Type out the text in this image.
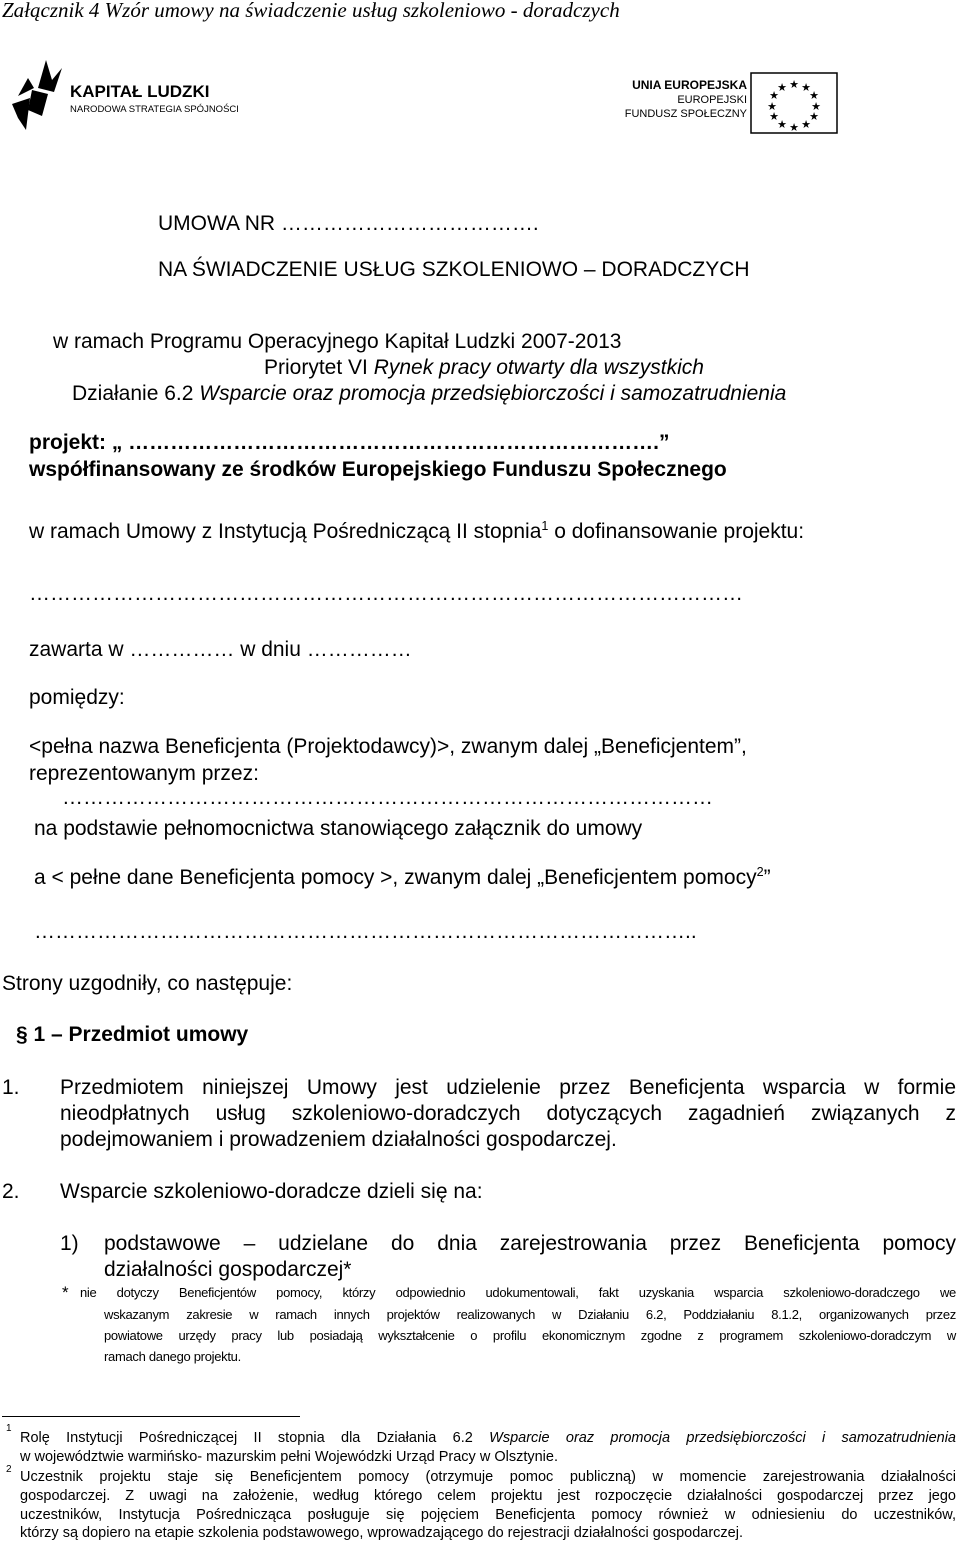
Załącznik 4 Wzór umowy na świadczenie usług szkoleniowo - doradczych
KAPITAŁ LUDZKI
NARODOWA STRATEGIA SPÓJNOŚCI
UNIA EUROPEJSKA
EUROPEJSKI
FUNDUSZ SPOŁECZNY
★ ★
★
★
★
★
★
★
★
★
★
★
UMOWA NR ……………………………….
NA ŚWIADCZENIE USŁUG SZKOLENIOWO – DORADCZYCH
w ramach Programu Operacyjnego Kapitał Ludzki 2007-2013
Priorytet VI Rynek pracy otwarty dla wszystkich
Działanie 6.2 Wsparcie oraz promocja przedsiębiorczości i samozatrudnienia
projekt: „ ………………………………………………………………….”
współfinansowany ze środków Europejskiego Funduszu Społecznego
w ramach Umowy z Instytucją Pośredniczącą II stopnia$^1$ o dofinansowanie projektu:
…………………………………………………………………………………………
zawarta w …………… w dniu ……………
pomiędzy:
<pełna nazwa Beneficjenta (Projektodawcy)>, zwanym dalej „Beneficjentem”,
reprezentowanym przez:
…………………………………………………………………………………
na podstawie pełnomocnictwa stanowiącego załącznik do umowy
a < pełne dane Beneficjenta pomocy >, zwanym dalej „Beneficjentem pomocy$^2$”
…………………………………………………………………………………..
Strony uzgodniły, co następuje:
§ 1 – Przedmiot umowy
1. Przedmiotem niniejszej Umowy jest udzielenie przez Beneficjenta wsparcia w formie
nieodpłatnych usług szkoleniowo-doradczych dotyczących zagadnień związanych z
podejmowaniem i prowadzeniem działalności gospodarczej.
2. Wsparcie szkoleniowo-doradcze dzieli się na:
1) podstawowe – udzielane do dnia zarejestrowania przez Beneficjenta pomocy
działalności gospodarczej*
* nie dotyczy Beneficjentów pomocy, którzy odpowiednio udokumentowali, fakt uzyskania wsparcia szkoleniowo-doradczego we
wskazanym zakresie w ramach innych projektów realizowanych w Działaniu 6.2, Poddziałaniu 8.1.2, organizowanych przez
powiatowe urzędy pracy lub posiadają wykształcenie o profilu ekonomicznym zgodne z programem szkoleniowo-doradczym w
ramach danego projektu.
1
Rolę Instytucji Pośredniczącej II stopnia dla Działania 6.2 Wsparcie oraz promocja przedsiębiorczości i samozatrudnienia
w województwie warmińsko- mazurskim pełni Wojewódzki Urząd Pracy w Olsztynie.
2 Uczestnik projektu staje się Beneficjentem pomocy (otrzymuje pomoc publiczną) w momencie zarejestrowania działalności
gospodarczej. Z uwagi na założenie, według którego celem projektu jest rozpoczęcie działalności gospodarczej przez jego
uczestników, Instytucja Pośrednicząca posługuje się pojęciem Beneficjenta pomocy również w odniesieniu do uczestników,
którzy są dopiero na etapie szkolenia podstawowego, wprowadzającego do rejestracji działalności gospodarczej.
